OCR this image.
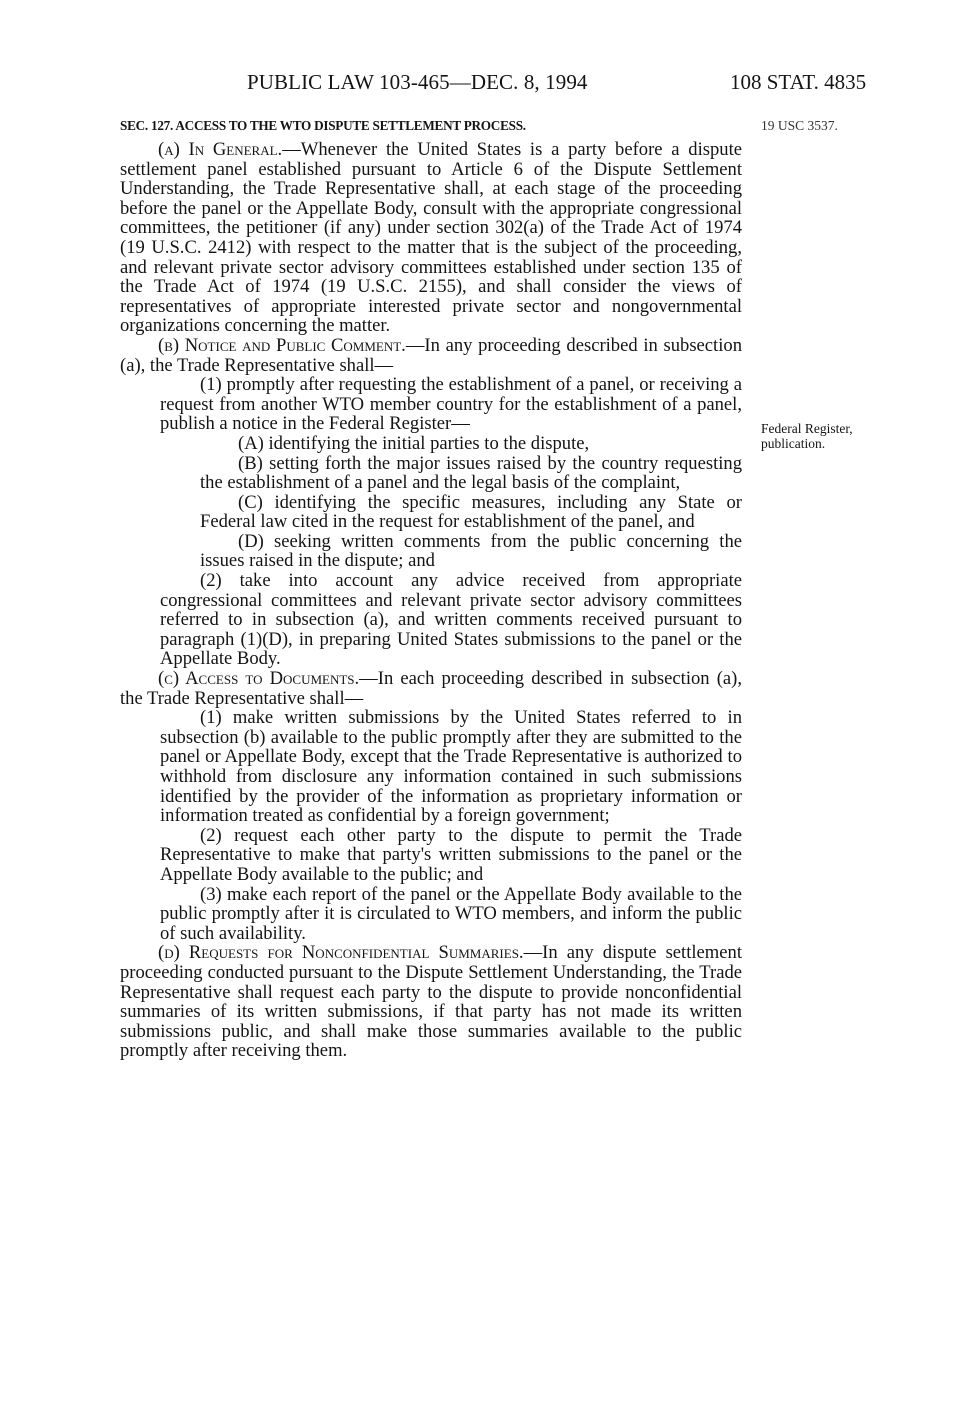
PUBLIC LAW 103-465—DEC. 8, 1994	108 STAT. 4835
SEC. 127. ACCESS TO THE WTO DISPUTE SETTLEMENT PROCESS.	19 USC 3537.
Federal Register, publication.

(a) In General.—Whenever the United States is a party before a dispute settlement panel established pursuant to Article 6 of the Dispute Settlement Understanding, the Trade Representative shall, at each stage of the proceeding before the panel or the Appellate Body, consult with the appropriate congressional committees, the petitioner (if any) under section 302(a) of the Trade Act of 1974 (19 U.S.C. 2412) with respect to the matter that is the subject of the proceeding, and relevant private sector advisory committees established under section 135 of the Trade Act of 1974 (19 U.S.C. 2155), and shall consider the views of representatives of appropriate interested private sector and nongovernmental organizations concerning the matter.

(b) Notice and Public Comment.—In any proceeding described in subsection (a), the Trade Representative shall—

(1) promptly after requesting the establishment of a panel, or receiving a request from another WTO member country for the establishment of a panel, publish a notice in the Federal Register—

(A) identifying the initial parties to the dispute,

(B) setting forth the major issues raised by the country requesting the establishment of a panel and the legal basis of the complaint,

(C) identifying the specific measures, including any State or Federal law cited in the request for establishment of the panel, and

(D) seeking written comments from the public concerning the issues raised in the dispute; and

(2) take into account any advice received from appropriate congressional committees and relevant private sector advisory committees referred to in subsection (a), and written comments received pursuant to paragraph (1)(D), in preparing United States submissions to the panel or the Appellate Body.

(c) Access to Documents.—In each proceeding described in subsection (a), the Trade Representative shall—

(1) make written submissions by the United States referred to in subsection (b) available to the public promptly after they are submitted to the panel or Appellate Body, except that the Trade Representative is authorized to withhold from disclosure any information contained in such submissions identified by the provider of the information as proprietary information or information treated as confidential by a foreign government;

(2) request each other party to the dispute to permit the Trade Representative to make that party's written submissions to the panel or the Appellate Body available to the public; and

(3) make each report of the panel or the Appellate Body available to the public promptly after it is circulated to WTO members, and inform the public of such availability.

(d) Requests for Nonconfidential Summaries.—In any dispute settlement proceeding conducted pursuant to the Dispute Settlement Understanding, the Trade Representative shall request each party to the dispute to provide nonconfidential summaries of its written submissions, if that party has not made its written submissions public, and shall make those summaries available to the public promptly after receiving them.
